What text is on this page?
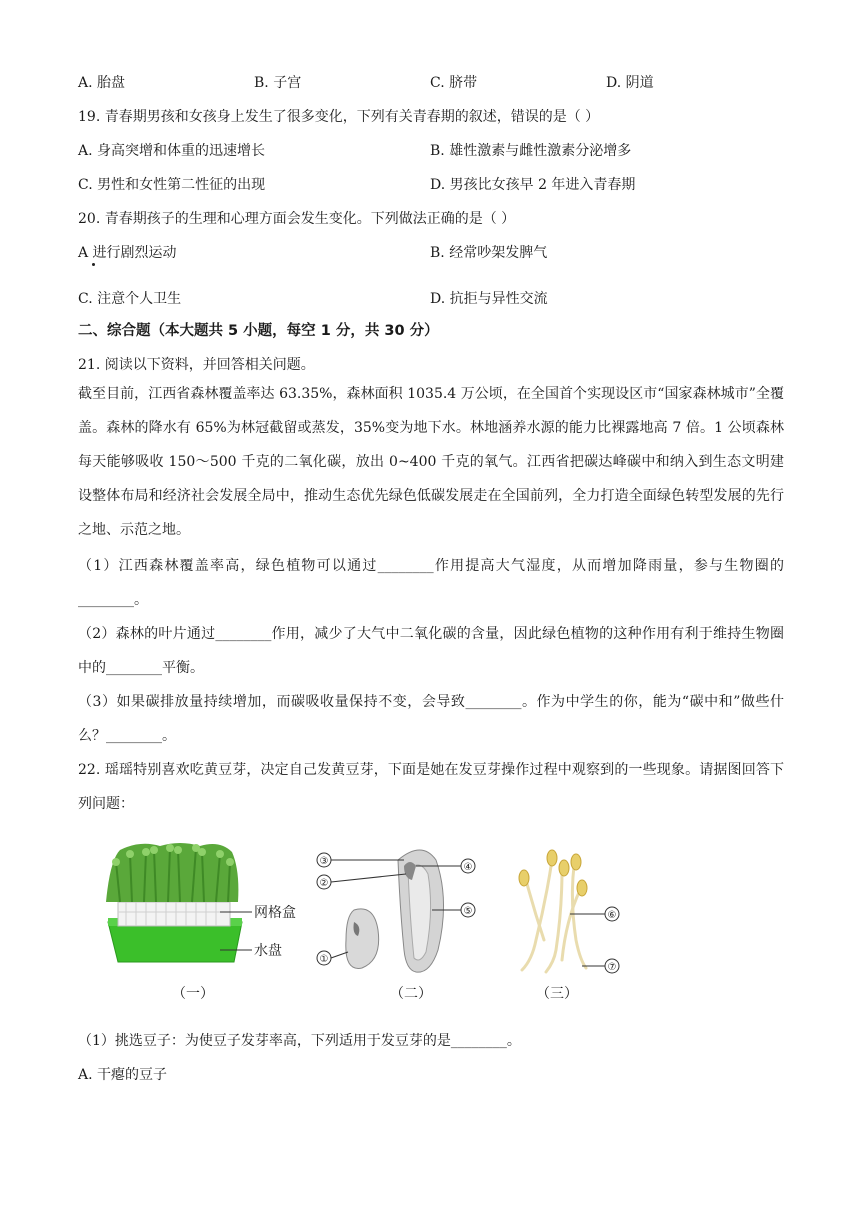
A. 胎盘	B. 子宫	C. 脐带	D. 阴道
19. 青春期男孩和女孩身上发生了很多变化，下列有关青春期的叙述，错误的是（ ）
A. 身高突增和体重的迅速增长	B. 雄性激素与雌性激素分泌增多
C. 男性和女性第二性征的出现	D. 男孩比女孩早 2 年进入青春期
20. 青春期孩子的生理和心理方面会发生变化。下列做法正确的是（ ）
A 进行剧烈运动	B. 经常吵架发脾气
C. 注意个人卫生	D. 抗拒与异性交流
二、综合题（本大题共 5 小题，每空 1 分，共 30 分）
21. 阅读以下资料，并回答相关问题。
截至目前，江西省森林覆盖率达 63.35%，森林面积 1035.4 万公顷，在全国首个实现设区市“国家森林城市”全覆盖。森林的降水有 65%为林冠截留或蒸发，35%变为地下水。林地涵养水源的能力比裸露地高 7 倍。1 公顷森林每天能够吸收 150～500 千克的二氧化碳，放出 0~400 千克的氧气。江西省把碳达峰碳中和纳入到生态文明建设整体布局和经济社会发展全局中，推动生态优先绿色低碳发展走在全国前列，全力打造全面绿色转型发展的先行之地、示范之地。
（1）江西森林覆盖率高，绿色植物可以通过________作用提高大气湿度，从而增加降雨量，参与生物圈的________。
（2）森林的叶片通过________作用，减少了大气中二氧化碳的含量，因此绿色植物的这种作用有利于维持生物圈中的________平衡。
（3）如果碳排放量持续增加，而碳吸收量保持不变，会导致________。作为中学生的你，能为“碳中和”做些什么？________。
22. 瑶瑶特别喜欢吃黄豆芽，决定自己发黄豆芽，下面是她在发豆芽操作过程中观察到的一些现象。请据图回答下列问题：
网格盒
水盘
③
②
①
④
⑤	⑥
⑦
（一）	（二）	（三）
（1）挑选豆子：为使豆子发芽率高，下列适用于发豆芽的是________。
A. 干瘪的豆子
